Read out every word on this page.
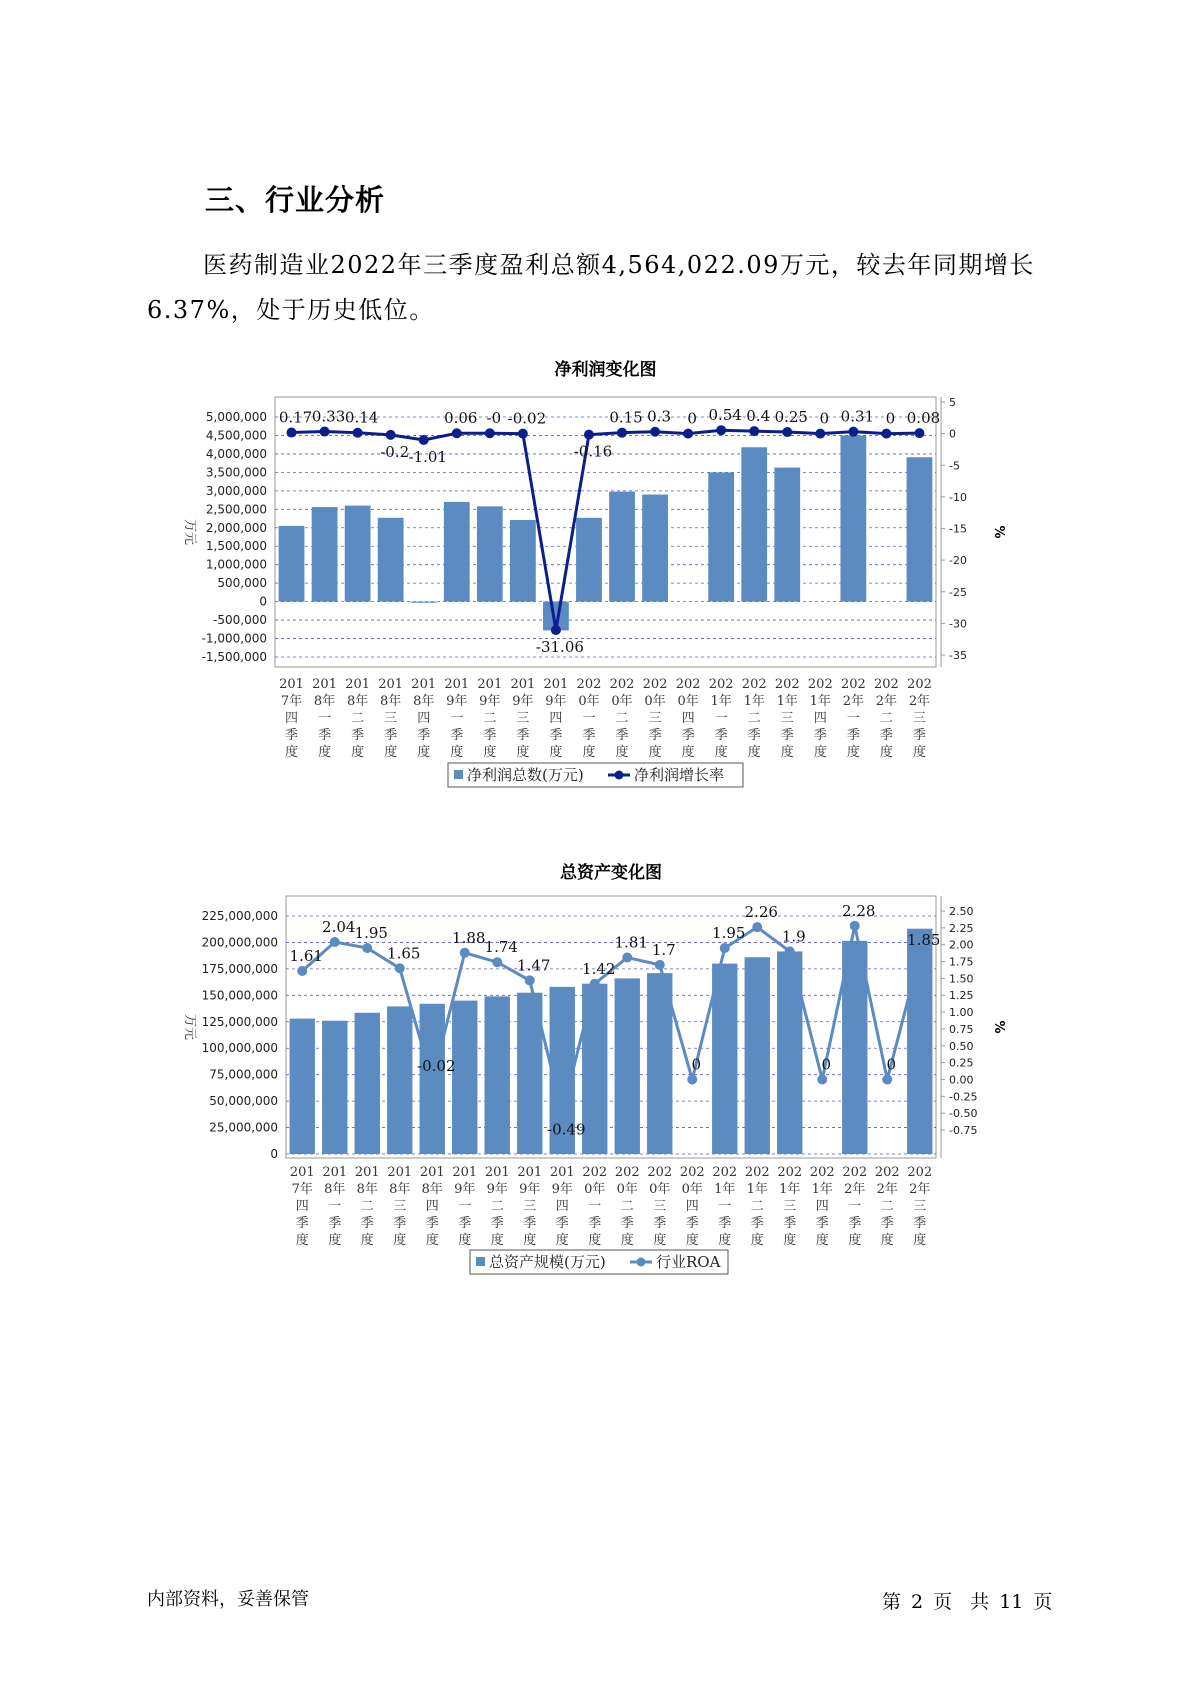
三、行业分析
医药制造业2022年三季度盈利总额4,564,022.09万元，较去年同期增长6.37%，处于历史低位。
净利润变化图
5,000,000
4,500,000
4,000,000
3,500,000
3,000,000
2,500,000
2,000,000
1,500,000
1,000,000
500,000
0
-500,000
-1,000,000
-1,500,000
5
0
-5
-10
-15
-20
-25
-30
-35
万元	%
0.17 0.33 0.14
-0.2 -1.01
0.06 -0 -0.02
-31.06
-0.16
0.15 0.3 0 0.54 0.4 0.25 0 0.31 0 0.08
201
7年
四
季
度
201
8年
一
季
度
201
8年
二
季
度
201
8年
三
季
度
201
8年
四
季
度
201
9年
一
季
度
201
9年
二
季
度
201
9年
三
季
度
201
9年
四
季
度
202
0年
一
季
度
202
0年
二
季
度
202
0年
三
季
度
202
0年
四
季
度
202
1年
一
季
度
202
1年
二
季
度
202
1年
三
季
度
202
1年
四
季
度
202
2年
一
季
度
202
2年
二
季
度
202
2年
三
季
度
净利润总数(万元)	净利润增长率
总资产变化图
225,000,000
200,000,000
175,000,000
150,000,000
125,000,000
100,000,000
75,000,000
50,000,000
25,000,000
0
2.50
2.25
2.00
1.75
1.50
1.25
1.00
0.75
0.50
0.25
0.00
-0.25
-0.50
-0.75
万元	%
1.61
2.04 1.95
1.65
-0.02
1.88
1.74
1.47
-0.49
1.42
1.81 1.7
0
1.95
2.26
1.9
0
2.28
0
1.85
201
7年
四
季
度
201
8年
一
季
度
201
8年
二
季
度
201
8年
三
季
度
201
8年
四
季
度
201
9年
一
季
度
201
9年
二
季
度
201
9年
三
季
度
201
9年
四
季
度
202
0年
一
季
度
202
0年
二
季
度
202
0年
三
季
度
202
0年
四
季
度
202
1年
一
季
度
202
1年
二
季
度
202
1年
三
季
度
202
1年
四
季
度
202
2年
一
季
度
202
2年
二
季
度
202
2年
三
季
度
总资产规模(万元)	行业ROA
内部资料，妥善保管	第 2 页 共 11 页
